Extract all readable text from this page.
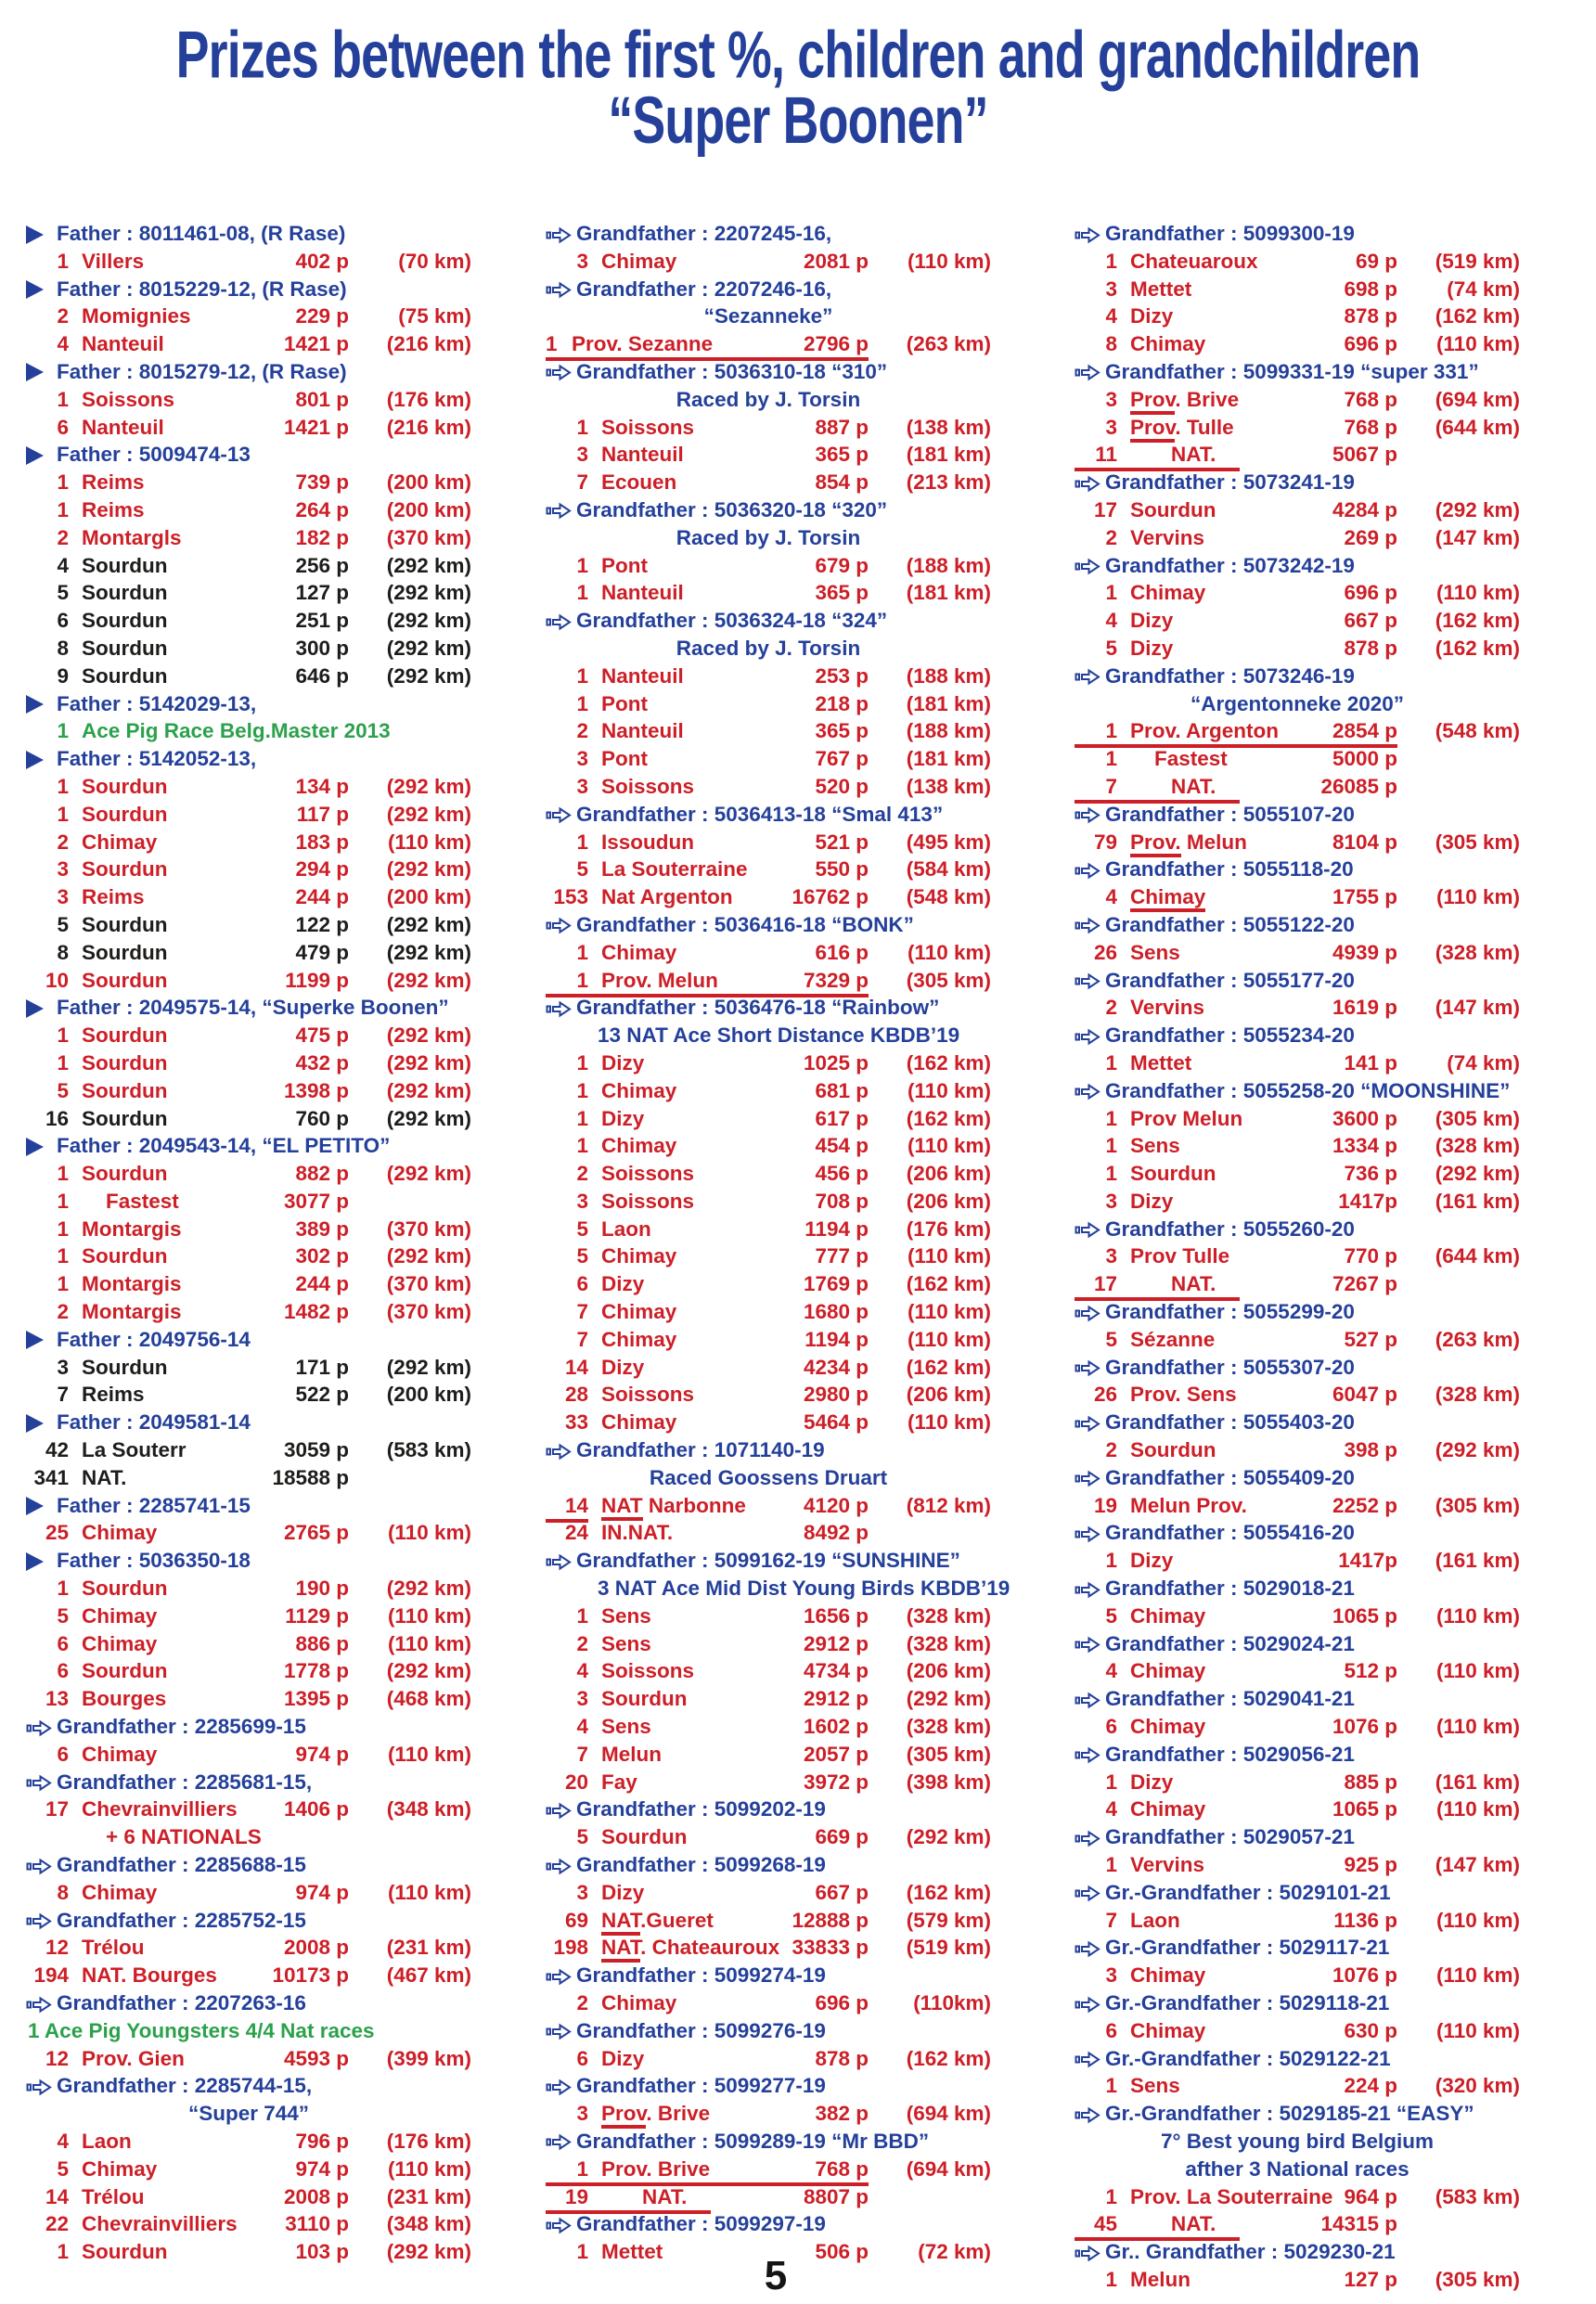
Prizes between the first %, children and grandchildren
“Super Boonen”
Father : 8011461-08, (R Rase)
1 Villers	402 p	(70 km)
Father : 8015229-12, (R Rase)
2 Momignies	229 p	(75 km)
4 Nanteuil	1421 p	(216 km)
Father : 8015279-12, (R Rase)
1 Soissons	801 p	(176 km)
6 Nanteuil	1421 p	(216 km)
Father : 5009474-13
1 Reims	739 p	(200 km)
1 Reims	264 p	(200 km)
2 Montargls	182 p	(370 km)
4 Sourdun	256 p	(292 km)
5 Sourdun	127 p	(292 km)
6 Sourdun	251 p	(292 km)
8 Sourdun	300 p	(292 km)
9 Sourdun	646 p	(292 km)
Father : 5142029-13,
1 Ace Pig Race Belg.Master 2013
Father : 5142052-13,
1 Sourdun	134 p	(292 km)
1 Sourdun	117 p	(292 km)
2 Chimay	183 p	(110 km)
3 Sourdun	294 p	(292 km)
3 Reims	244 p	(200 km)
5 Sourdun	122 p	(292 km)
8 Sourdun	479 p	(292 km)
10 Sourdun	1199 p	(292 km)
Father : 2049575-14, “Superke Boonen”
1 Sourdun	475 p	(292 km)
1 Sourdun	432 p	(292 km)
5 Sourdun	1398 p	(292 km)
16 Sourdun	760 p	(292 km)
Father : 2049543-14, “EL PETITO”
1 Sourdun	882 p	(292 km)
1 Fastest	3077 p
1 Montargis	389 p	(370 km)
1 Sourdun	302 p	(292 km)
1 Montargis	244 p	(370 km)
2 Montargis	1482 p	(370 km)
Father : 2049756-14
3 Sourdun	171 p	(292 km)
7 Reims	522 p	(200 km)
Father : 2049581-14
42 La Souterr	3059 p	(583 km)
341 NAT.	18588 p
Father : 2285741-15
25 Chimay	2765 p	(110 km)
Father : 5036350-18
1 Sourdun	190 p	(292 km)
5 Chimay	1129 p	(110 km)
6 Chimay	886 p	(110 km)
6 Sourdun	1778 p	(292 km)
13 Bourges	1395 p	(468 km)
Grandfather : 2285699-15
6 Chimay	974 p	(110 km)
Grandfather : 2285681-15,
17 Chevrainvilliers	1406 p	(348 km)
+ 6 NATIONALS
Grandfather : 2285688-15
8 Chimay	974 p	(110 km)
Grandfather : 2285752-15
12 Trélou	2008 p	(231 km)
194 NAT. Bourges	10173 p	(467 km)
Grandfather : 2207263-16
1 Ace Pig Youngsters 4/4 Nat races
12 Prov. Gien	4593 p	(399 km)
Grandfather : 2285744-15,
“Super 744”
4 Laon	796 p	(176 km)
5 Chimay	974 p	(110 km)
14 Trélou	2008 p	(231 km)
22 Chevrainvilliers	3110 p	(348 km)
1 Sourdun	103 p	(292 km)
Grandfather : 2207245-16,
3 Chimay	2081 p	(110 km)
Grandfather : 2207246-16,
“Sezanneke”
1 Prov. Sezanne	2796 p	(263 km)
Grandfather : 5036310-18 “310”
Raced by J. Torsin
1 Soissons	887 p	(138 km)
3 Nanteuil	365 p	(181 km)
7 Ecouen	854 p	(213 km)
Grandfather : 5036320-18 “320”
Raced by J. Torsin
1 Pont	679 p	(188 km)
1 Nanteuil	365 p	(181 km)
Grandfather : 5036324-18 “324”
Raced by J. Torsin
1 Nanteuil	253 p	(188 km)
1 Pont	218 p	(181 km)
2 Nanteuil	365 p	(188 km)
3 Pont	767 p	(181 km)
3 Soissons	520 p	(138 km)
Grandfather : 5036413-18 “Smal 413”
1 Issoudun	521 p	(495 km)
5 La Souterraine	550 p	(584 km)
153 Nat Argenton	16762 p	(548 km)
Grandfather : 5036416-18 “BONK”
1 Chimay	616 p	(110 km)
1 Prov. Melun	7329 p	(305 km)
Grandfather : 5036476-18 “Rainbow”
13 NAT Ace Short Distance KBDB’19
1 Dizy	1025 p	(162 km)
1 Chimay	681 p	(110 km)
1 Dizy	617 p	(162 km)
1 Chimay	454 p	(110 km)
2 Soissons	456 p	(206 km)
3 Soissons	708 p	(206 km)
5 Laon	1194 p	(176 km)
5 Chimay	777 p	(110 km)
6 Dizy	1769 p	(162 km)
7 Chimay	1680 p	(110 km)
7 Chimay	1194 p	(110 km)
14 Dizy	4234 p	(162 km)
28 Soissons	2980 p	(206 km)
33 Chimay	5464 p	(110 km)
Grandfather : 1071140-19
Raced Goossens Druart
14 NAT Narbonne	4120 p	(812 km)
24 IN.NAT.	8492 p
Grandfather : 5099162-19 “SUNSHINE”
3 NAT Ace Mid Dist Young Birds KBDB’19
1 Sens	1656 p	(328 km)
2 Sens	2912 p	(328 km)
4 Soissons	4734 p	(206 km)
3 Sourdun	2912 p	(292 km)
4 Sens	1602 p	(328 km)
7 Melun	2057 p	(305 km)
20 Fay	3972 p	(398 km)
Grandfather : 5099202-19
5 Sourdun	669 p	(292 km)
Grandfather : 5099268-19
3 Dizy	667 p	(162 km)
69 NAT.Gueret	12888 p	(579 km)
198 NAT. Chateauroux 33833 p	(519 km)
Grandfather : 5099274-19
2 Chimay	696 p	(110km)
Grandfather : 5099276-19
6 Dizy	878 p	(162 km)
Grandfather : 5099277-19
3 Prov. Brive	382 p	(694 km)
Grandfather : 5099289-19 “Mr BBD”
1 Prov. Brive	768 p	(694 km)
19	NAT.	8807 p
Grandfather : 5099297-19
1 Mettet	506 p	(72 km)
Grandfather : 5099300-19
1 Chateuaroux	69 p	(519 km)
3 Mettet	698 p	(74 km)
4 Dizy	878 p	(162 km)
8 Chimay	696 p	(110 km)
Grandfather : 5099331-19 “super 331”
3 Prov. Brive	768 p	(694 km)
3 Prov. Tulle	768 p	(644 km)
11	NAT.	5067 p
Grandfather : 5073241-19
17 Sourdun	4284 p	(292 km)
2 Vervins	269 p	(147 km)
Grandfather : 5073242-19
1 Chimay	696 p	(110 km)
4 Dizy	667 p	(162 km)
5 Dizy	878 p	(162 km)
Grandfather : 5073246-19
“Argentonneke 2020”
1 Prov. Argenton	2854 p	(548 km)
1 Fastest	5000 p
7	NAT.	26085 p
Grandfather : 5055107-20
79 Prov. Melun	8104 p	(305 km)
Grandfather : 5055118-20
4 Chimay	1755 p	(110 km)
Grandfather : 5055122-20
26 Sens	4939 p	(328 km)
Grandfather : 5055177-20
2 Vervins	1619 p	(147 km)
Grandfather : 5055234-20
1 Mettet	141 p	(74 km)
Grandfather : 5055258-20 “MOONSHINE”
1 Prov Melun	3600 p	(305 km)
1 Sens	1334 p	(328 km)
1 Sourdun	736 p	(292 km)
3 Dizy	1417p	(161 km)
Grandfather : 5055260-20
3 Prov Tulle	770 p	(644 km)
17	NAT.	7267 p
Grandfather : 5055299-20
5 Sézanne	527 p	(263 km)
Grandfather : 5055307-20
26 Prov. Sens	6047 p	(328 km)
Grandfather : 5055403-20
2 Sourdun	398 p	(292 km)
Grandfather : 5055409-20
19 Melun Prov.	2252 p	(305 km)
Grandfather : 5055416-20
1 Dizy	1417p	(161 km)
Grandfather : 5029018-21
5 Chimay	1065 p	(110 km)
Grandfather : 5029024-21
4 Chimay	512 p	(110 km)
Grandfather : 5029041-21
6 Chimay	1076 p	(110 km)
Grandfather : 5029056-21
1 Dizy	885 p	(161 km)
4 Chimay	1065 p	(110 km)
Grandfather : 5029057-21
1 Vervins	925 p	(147 km)
Gr.-Grandfather : 5029101-21
7 Laon	1136 p	(110 km)
Gr.-Grandfather : 5029117-21
3 Chimay	1076 p	(110 km)
Gr.-Grandfather : 5029118-21
6 Chimay	630 p	(110 km)
Gr.-Grandfather : 5029122-21
1 Sens	224 p	(320 km)
Gr.-Grandfather : 5029185-21 “EASY”
7° Best young bird Belgium
afther 3 National races
1 Prov. La Souterraine 964 p	(583 km)
45	NAT.	14315 p
Gr.. Grandfather : 5029230-21
1 Melun	127 p	(305 km)
5
